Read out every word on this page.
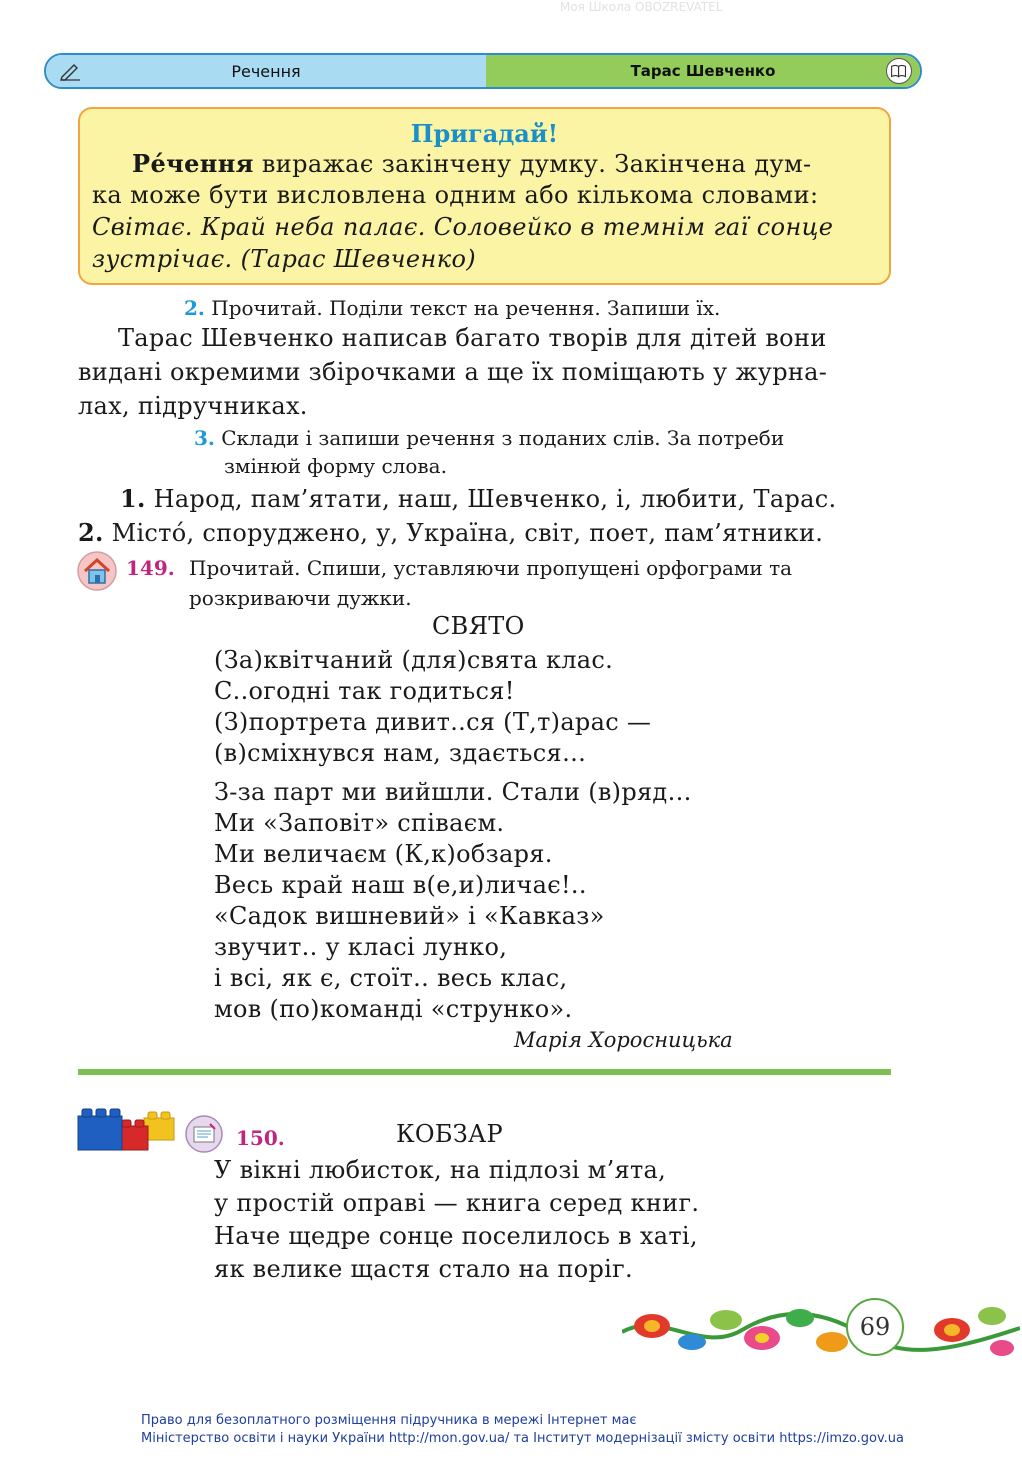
Речення	Тарас Шевченко
Пригадай!
Ре́чення виражає закінчену думку. Закінчена дум-
ка може бути висловлена одним або кількома словами:
Світає. Край неба палає. Соловейко в темнім гаї сонце
зустрічає. (Тарас Шевченко)
2. Прочитай. Поділи текст на речення. Запиши їх.
Тарас Шевченко написав багато творів для дітей вони
видані окремими збірочками а ще їх поміщають у журна-
лах, підручниках.
3. Склади і запиши речення з поданих слів. За потреби
змінюй форму слова.
1. Народ, пам’ятати, наш, Шевченко, і, любити, Тарас.
2. Місто́, споруджено, у, Україна, світ, поет, пам’ятники.
149. Прочитай. Спиши, уставляючи пропущені орфограми та
розкриваючи дужки.
СВЯТО
(За)квітчаний (для)свята клас.
С..огодні так годиться!
(З)портрета дивит..ся (Т,т)арас —
(в)сміхнувся нам, здається…
З-за парт ми вийшли. Стали (в)ряд…
Ми «Заповіт» співаєм.
Ми величаєм (К,к)обзаря.
Весь край наш в(е,и)личає!..
«Садок вишневий» і «Кавказ»
звучит.. у класі лунко,
і всі, як є, стоїт.. весь клас,
мов (по)команді «струнко».
Марія Хоросницька
150.	КОБЗАР
У вікні любисток, на підлозі м’ята,
у простій оправі — книга серед книг.
Наче щедре сонце поселилось в хаті,
як велике щастя стало на поріг.
69
Право для безоплатного розміщення підручника в мережі Інтернет має
Міністерство освіти і науки України http://mon.gov.ua/ та Інститут модернізації змісту освіти https://imzo.gov.ua
Моя Школа OBOZREVATEL
